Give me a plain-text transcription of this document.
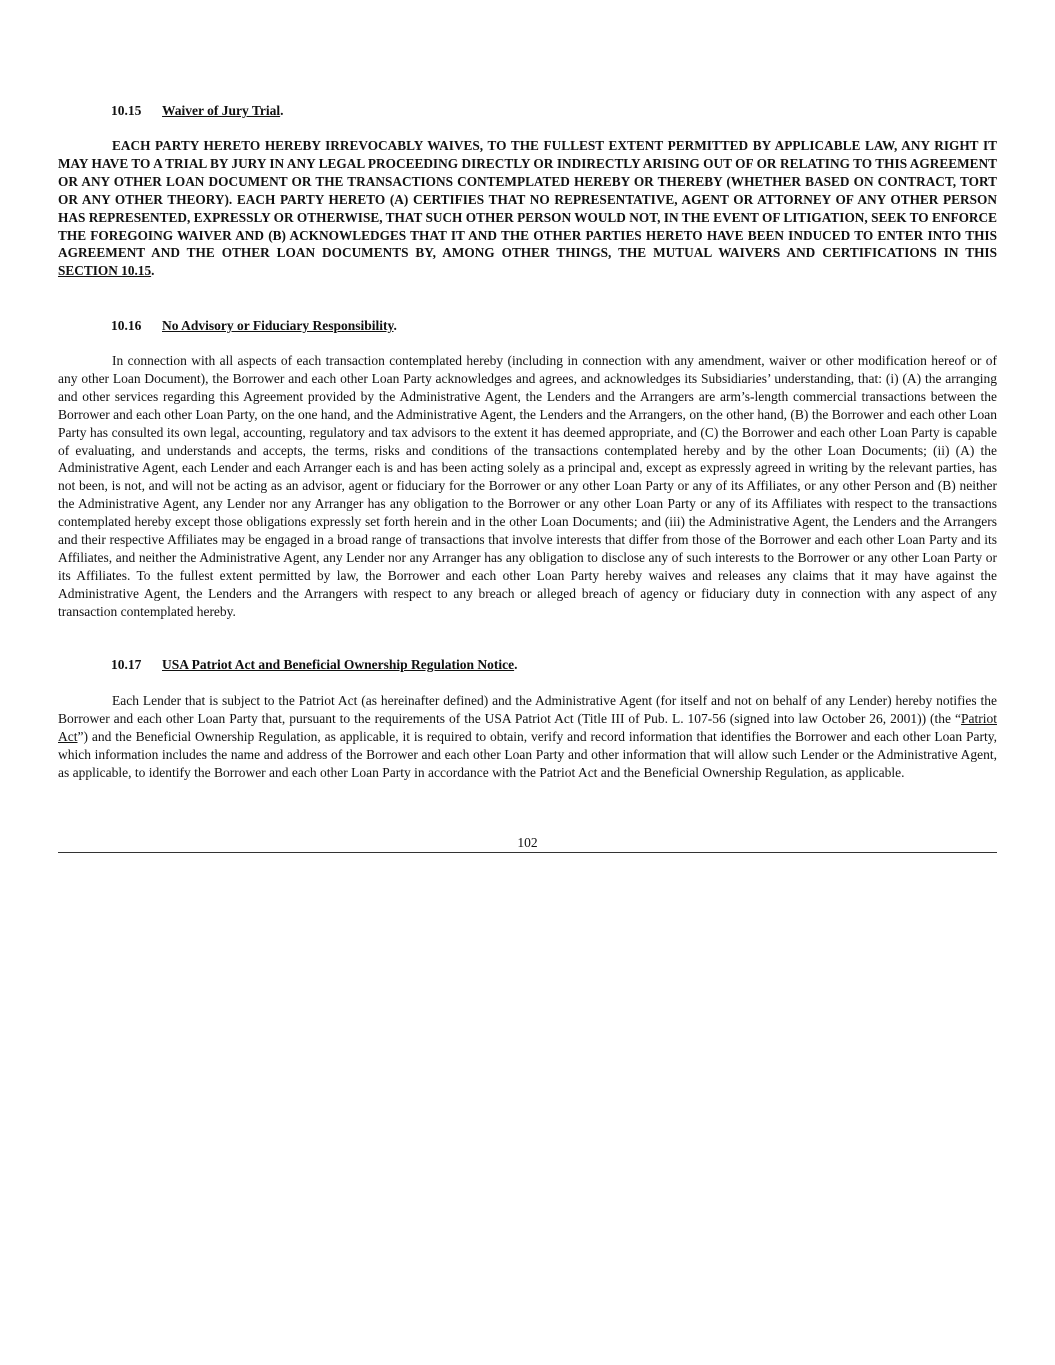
10.15 Waiver of Jury Trial.

EACH PARTY HERETO HEREBY IRREVOCABLY WAIVES, TO THE FULLEST EXTENT PERMITTED BY APPLICABLE LAW, ANY RIGHT IT MAY HAVE TO A TRIAL BY JURY IN ANY LEGAL PROCEEDING DIRECTLY OR INDIRECTLY ARISING OUT OF OR RELATING TO THIS AGREEMENT OR ANY OTHER LOAN DOCUMENT OR THE TRANSACTIONS CONTEMPLATED HEREBY OR THEREBY (WHETHER BASED ON CONTRACT, TORT OR ANY OTHER THEORY). EACH PARTY HERETO (A) CERTIFIES THAT NO REPRESENTATIVE, AGENT OR ATTORNEY OF ANY OTHER PERSON HAS REPRESENTED, EXPRESSLY OR OTHERWISE, THAT SUCH OTHER PERSON WOULD NOT, IN THE EVENT OF LITIGATION, SEEK TO ENFORCE THE FOREGOING WAIVER AND (B) ACKNOWLEDGES THAT IT AND THE OTHER PARTIES HERETO HAVE BEEN INDUCED TO ENTER INTO THIS AGREEMENT AND THE OTHER LOAN DOCUMENTS BY, AMONG OTHER THINGS, THE MUTUAL WAIVERS AND CERTIFICATIONS IN THIS SECTION 10.15.

10.16 No Advisory or Fiduciary Responsibility.

In connection with all aspects of each transaction contemplated hereby (including in connection with any amendment, waiver or other modification hereof or of any other Loan Document), the Borrower and each other Loan Party acknowledges and agrees, and acknowledges its Subsidiaries’ understanding, that: (i) (A) the arranging and other services regarding this Agreement provided by the Administrative Agent, the Lenders and the Arrangers are arm’s-length commercial transactions between the Borrower and each other Loan Party, on the one hand, and the Administrative Agent, the Lenders and the Arrangers, on the other hand, (B) the Borrower and each other Loan Party has consulted its own legal, accounting, regulatory and tax advisors to the extent it has deemed appropriate, and (C) the Borrower and each other Loan Party is capable of evaluating, and understands and accepts, the terms, risks and conditions of the transactions contemplated hereby and by the other Loan Documents; (ii) (A) the Administrative Agent, each Lender and each Arranger each is and has been acting solely as a principal and, except as expressly agreed in writing by the relevant parties, has not been, is not, and will not be acting as an advisor, agent or fiduciary for the Borrower or any other Loan Party or any of its Affiliates, or any other Person and (B) neither the Administrative Agent, any Lender nor any Arranger has any obligation to the Borrower or any other Loan Party or any of its Affiliates with respect to the transactions contemplated hereby except those obligations expressly set forth herein and in the other Loan Documents; and (iii) the Administrative Agent, the Lenders and the Arrangers and their respective Affiliates may be engaged in a broad range of transactions that involve interests that differ from those of the Borrower and each other Loan Party and its Affiliates, and neither the Administrative Agent, any Lender nor any Arranger has any obligation to disclose any of such interests to the Borrower or any other Loan Party or its Affiliates. To the fullest extent permitted by law, the Borrower and each other Loan Party hereby waives and releases any claims that it may have against the Administrative Agent, the Lenders and the Arrangers with respect to any breach or alleged breach of agency or fiduciary duty in connection with any aspect of any transaction contemplated hereby.

10.17 USA Patriot Act and Beneficial Ownership Regulation Notice.

Each Lender that is subject to the Patriot Act (as hereinafter defined) and the Administrative Agent (for itself and not on behalf of any Lender) hereby notifies the Borrower and each other Loan Party that, pursuant to the requirements of the USA Patriot Act (Title III of Pub. L. 107-56 (signed into law October 26, 2001)) (the “Patriot Act”) and the Beneficial Ownership Regulation, as applicable, it is required to obtain, verify and record information that identifies the Borrower and each other Loan Party, which information includes the name and address of the Borrower and each other Loan Party and other information that will allow such Lender or the Administrative Agent, as applicable, to identify the Borrower and each other Loan Party in accordance with the Patriot Act and the Beneficial Ownership Regulation, as applicable.

102
